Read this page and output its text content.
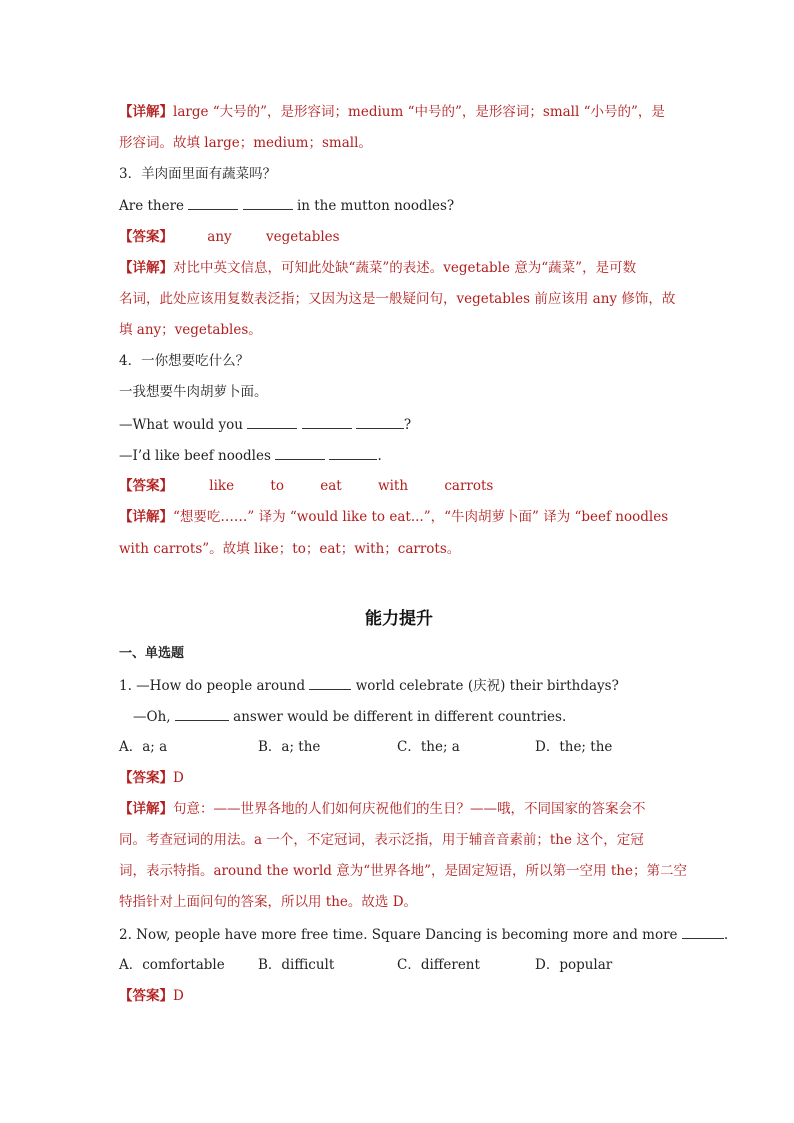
【详解】large “大号的”，是形容词；medium “中号的”，是形容词；small “小号的”，是
形容词。故填 large；medium；small。
3．羊肉面里面有蔬菜吗？
Are there	in the mutton noodles?
【答案】	any	vegetables
【详解】对比中英文信息，可知此处缺“蔬菜”的表述。vegetable 意为“蔬菜”，是可数
名词，此处应该用复数表泛指；又因为这是一般疑问句，vegetables 前应该用 any 修饰，故
填 any；vegetables。
4．一你想要吃什么？
一我想要牛肉胡萝卜面。
—What would you	?
—I’d like beef noodles	.
【答案】	like	to	eat	with	carrots
【详解】“想要吃……” 译为 “would like to eat...”，“牛肉胡萝卜面” 译为 “beef noodles
with carrots”。故填 like；to；eat；with；carrots。
能力提升
一、单选题
1. —How do people around	world celebrate (庆祝) their birthdays?
—Oh,	answer would be different in different countries.
A．a; a	B．a; the	C．the; a	D．the; the
【答案】D
【详解】句意：——世界各地的人们如何庆祝他们的生日？——哦，不同国家的答案会不
同。考查冠词的用法。a 一个，不定冠词，表示泛指，用于辅音音素前；the 这个，定冠
词，表示特指。around the world 意为“世界各地”，是固定短语，所以第一空用 the；第二空
特指针对上面问句的答案，所以用 the。故选 D。
2. Now, people have more free time. Square Dancing is becoming more and more	.
A．comfortable B．difficult	C．different	D．popular
【答案】D
